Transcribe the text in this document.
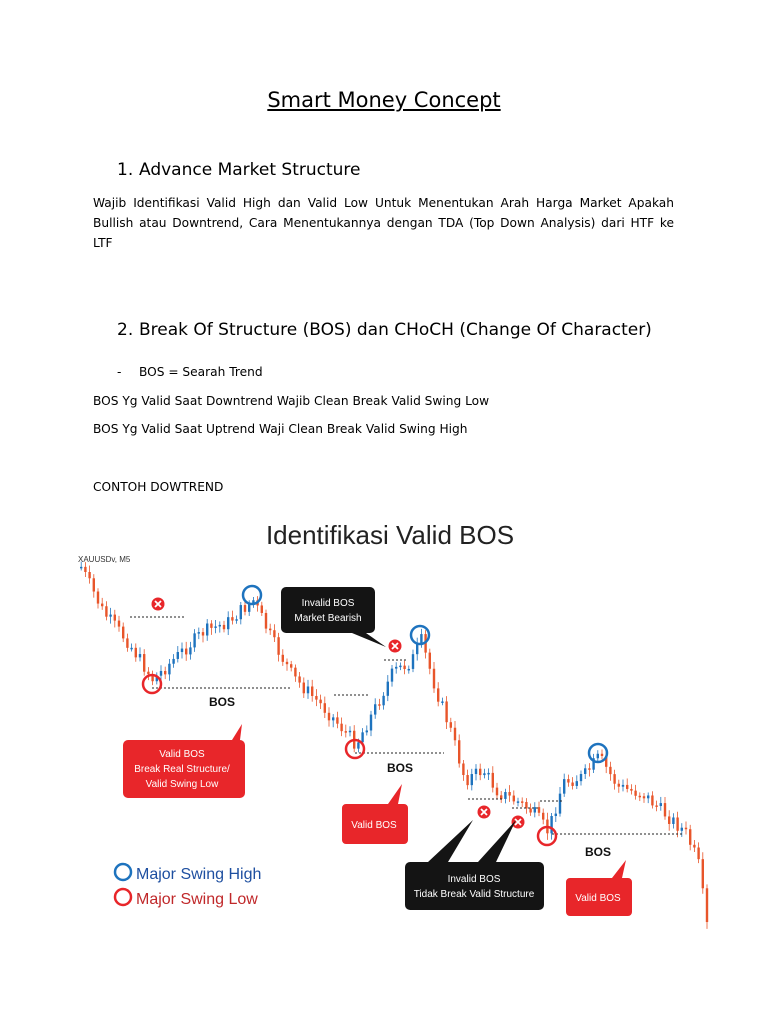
Smart Money Concept
1. Advance Market Structure
Wajib Identifikasi Valid High dan Valid Low Untuk Menentukan Arah Harga Market Apakah Bullish atau Downtrend, Cara Menentukannya dengan TDA (Top Down Analysis) dari HTF ke LTF
2. Break Of Structure (BOS) dan CHoCH (Change Of Character)
- BOS = Searah Trend
BOS Yg Valid Saat Downtrend Wajib Clean Break Valid Swing Low
BOS Yg Valid Saat Uptrend Waji Clean Break Valid Swing High
CONTOH DOWTREND
Identifikasi Valid BOS
XAUUSDv, M5
BOS
BOS
BOS
Invalid BOS
Market Bearish
Valid BOS
Break Real Structure/
Valid Swing Low
Valid BOS
Invalid BOS
Tidak Break Valid Structure	Valid BOS
Major Swing High
Major Swing Low
